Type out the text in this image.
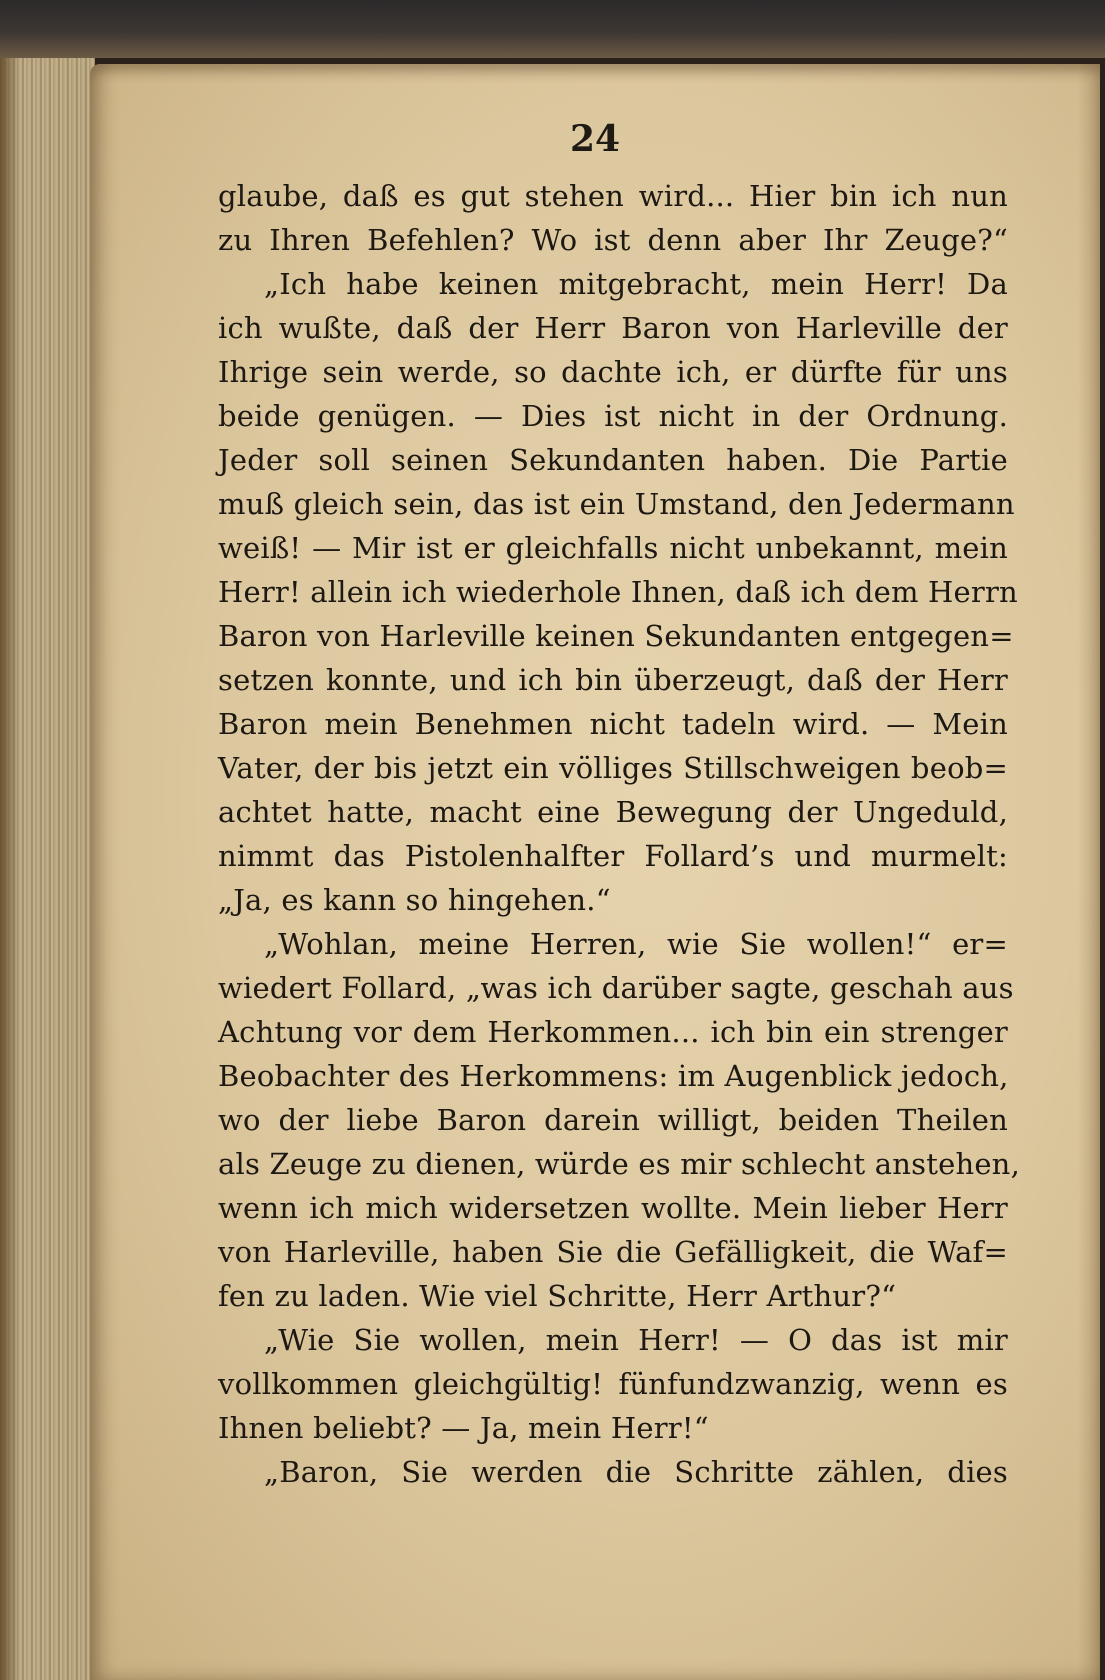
24
glaube, daß es gut stehen wird... Hier bin ich nun
zu Ihren Befehlen? Wo ist denn aber Ihr Zeuge?“
„Ich habe keinen mitgebracht, mein Herr! Da
ich wußte, daß der Herr Baron von Harleville der
Ihrige sein werde, so dachte ich, er dürfte für uns
beide genügen. — Dies ist nicht in der Ordnung.
Jeder soll seinen Sekundanten haben. Die Partie
muß gleich sein, das ist ein Umstand, den Jedermann
weiß! — Mir ist er gleichfalls nicht unbekannt, mein
Herr! allein ich wiederhole Ihnen, daß ich dem Herrn
Baron von Harleville keinen Sekundanten entgegen=
setzen konnte, und ich bin überzeugt, daß der Herr
Baron mein Benehmen nicht tadeln wird. — Mein
Vater, der bis jetzt ein völliges Stillschweigen beob=
achtet hatte, macht eine Bewegung der Ungeduld,
nimmt das Pistolenhalfter Follard’s und murmelt:
„Ja, es kann so hingehen.“
„Wohlan, meine Herren, wie Sie wollen!“ er=
wiedert Follard, „was ich darüber sagte, geschah aus
Achtung vor dem Herkommen... ich bin ein strenger
Beobachter des Herkommens: im Augenblick jedoch,
wo der liebe Baron darein willigt, beiden Theilen
als Zeuge zu dienen, würde es mir schlecht anstehen,
wenn ich mich widersetzen wollte. Mein lieber Herr
von Harleville, haben Sie die Gefälligkeit, die Waf=
fen zu laden. Wie viel Schritte, Herr Arthur?“
„Wie Sie wollen, mein Herr! — O das ist mir
vollkommen gleichgültig! fünfundzwanzig, wenn es
Ihnen beliebt? — Ja, mein Herr!“
„Baron, Sie werden die Schritte zählen, dies
